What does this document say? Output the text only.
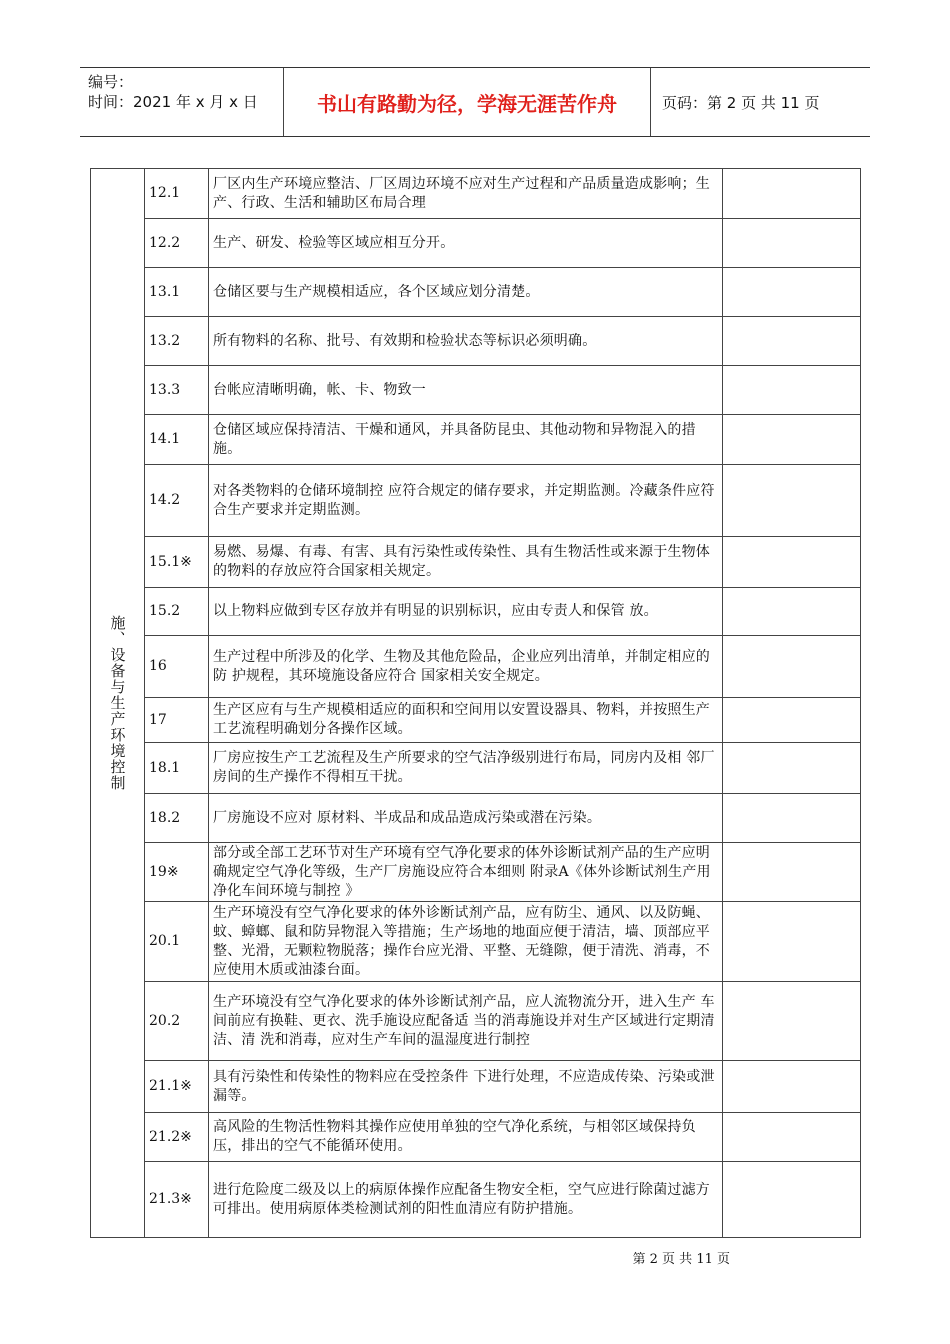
编号：
时间：2021 年 x 月 x 日	书山有路勤为径，学海无涯苦作舟	页码：第 2 页 共 11 页
施、设备与生产环境控制	12.1	厂区内生产环境应整洁、厂区周边环境不应对生产过程和产品质量造成影响；生产、行政、生活和辅助区布局合理	
	12.2	生产、研发、检验等区域应相互分开。	
	13.1	仓储区要与生产规模相适应，各个区域应划分清楚。	
	13.2	所有物料的名称、批号、有效期和检验状态等标识必须明确。	
	13.3	台帐应清晰明确，帐、卡、物致一	
	14.1	仓储区域应保持清洁、干燥和通风，并具备防昆虫、其他动物和异物混入的措施。	
	14.2	对各类物料的仓储环境制控 应符合规定的储存要求，并定期监测。冷藏条件应符合生产要求并定期监测。	
	15.1※	易燃、易爆、有毒、有害、具有污染性或传染性、具有生物活性或来源于生物体的物料的存放应符合国家相关规定。	
	15.2	以上物料应做到专区存放并有明显的识别标识，应由专责人和保管 放。	
	16	生产过程中所涉及的化学、生物及其他危险品，企业应列出清单，并制定相应的防 护规程，其环境施设备应符合 国家相关安全规定。	
	17	生产区应有与生产规模相适应的面积和空间用以安置设器具、物料，并按照生产工艺流程明确划分各操作区域。	
	18.1	厂房应按生产工艺流程及生产所要求的空气洁净级别进行布局，同房内及相 邻厂房间的生产操作不得相互干扰。	
	18.2	厂房施设不应对 原材料、半成品和成品造成污染或潜在污染。	
	19※	部分或全部工艺环节对生产环境有空气净化要求的体外诊断试剂产品的生产应明确规定空气净化等级，生产厂房施设应符合本细则 附录A《体外诊断试剂生产用净化车间环境与制控 》	
	20.1	生产环境没有空气净化要求的体外诊断试剂产品，应有防尘、通风、以及防蝇、蚊、蟑螂、鼠和防异物混入等措施；生产场地的地面应便于清洁，墙、顶部应平整、光滑，无颗粒物脱落；操作台应光滑、平整、无缝隙，便于清洗、消毒，不应使用木质或油漆台面。	
	20.2	生产环境没有空气净化要求的体外诊断试剂产品，应人流物流分开，进入生产 车间前应有换鞋、更衣、洗手施设应配备适 当的消毒施设并对生产区域进行定期清洁、清 洗和消毒，应对生产车间的温湿度进行制控	
	21.1※	具有污染性和传染性的物料应在受控条件 下进行处理，不应造成传染、污染或泄漏等。	
	21.2※	高风险的生物活性物料其操作应使用单独的空气净化系统，与相邻区域保持负压，排出的空气不能循环使用。	
	21.3※	进行危险度二级及以上的病原体操作应配备生物安全柜，空气应进行除菌过滤方可排出。使用病原体类检测试剂的阳性血清应有防护措施。	
第 2 页 共 11 页
